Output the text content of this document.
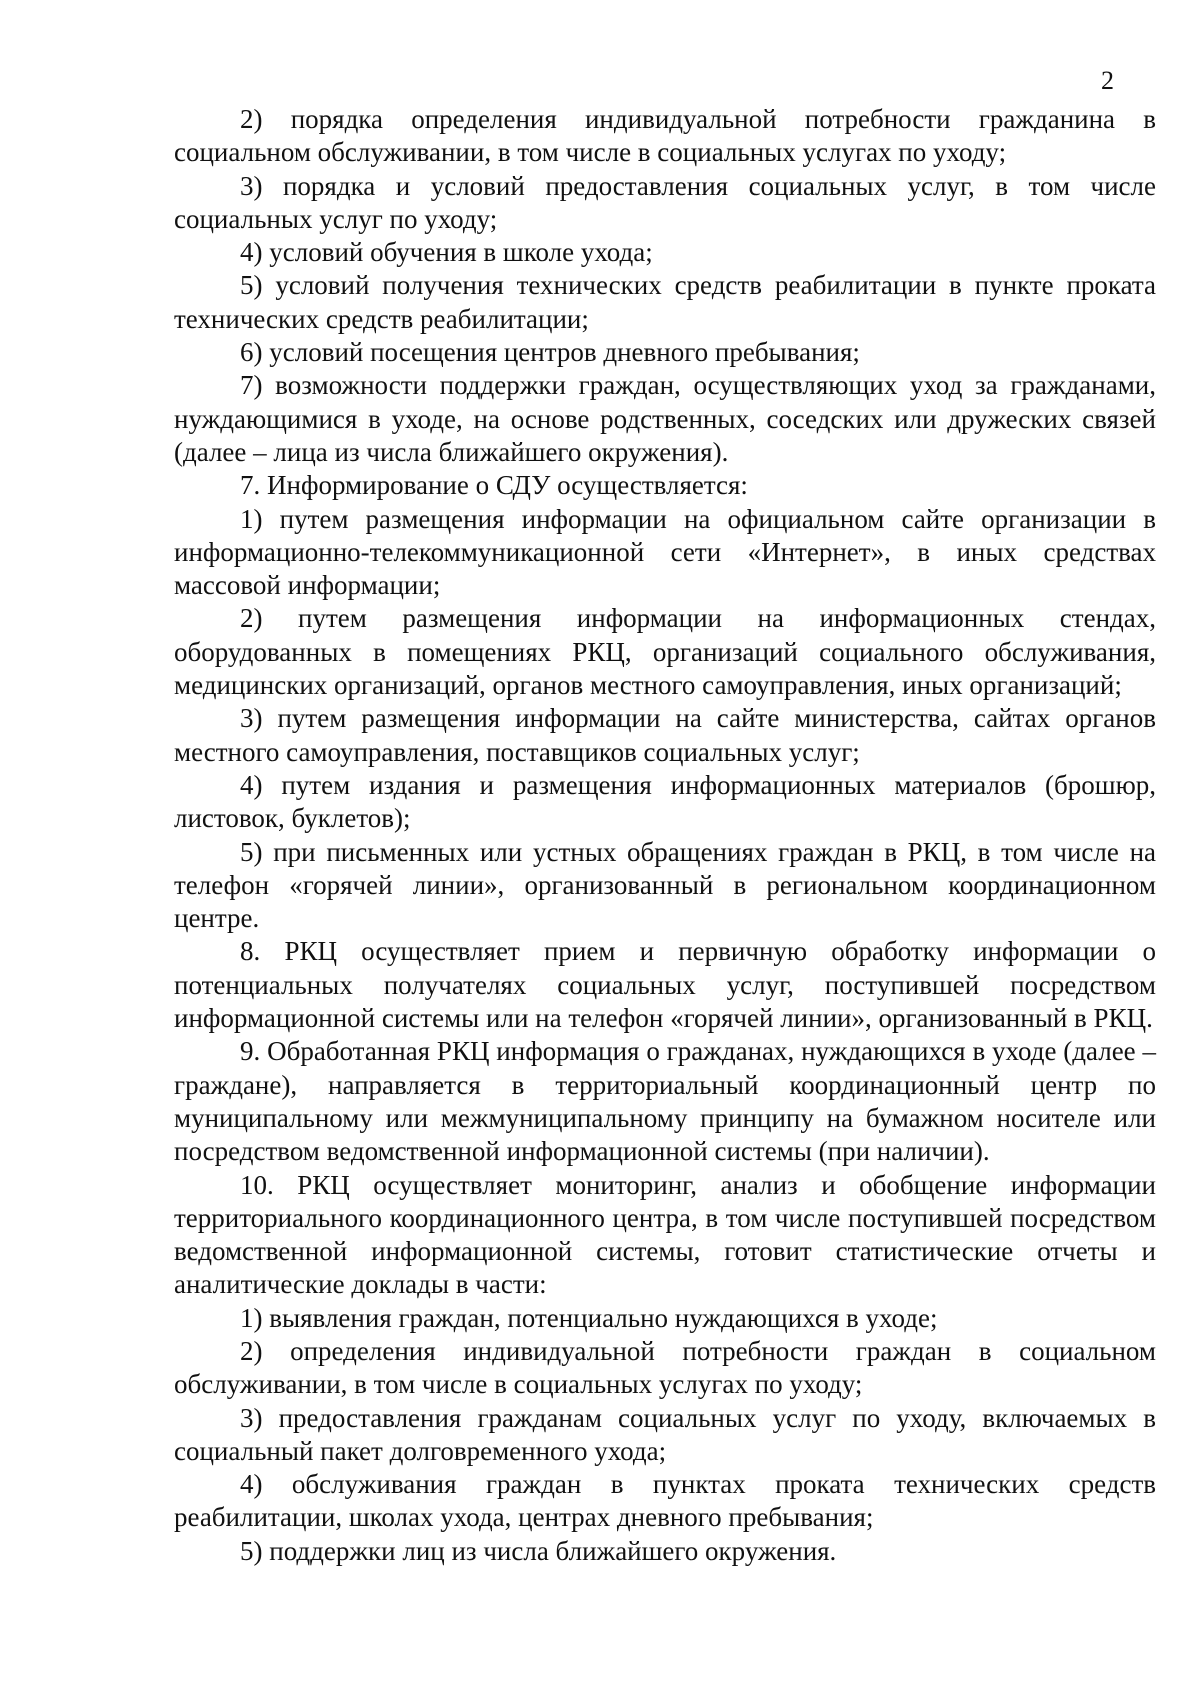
2

2) порядка определения индивидуальной потребности гражданина в социальном обслуживании, в том числе в социальных услугах по уходу;

3) порядка и условий предоставления социальных услуг, в том числе социальных услуг по уходу;

4) условий обучения в школе ухода;

5) условий получения технических средств реабилитации в пункте проката технических средств реабилитации;

6) условий посещения центров дневного пребывания;

7) возможности поддержки граждан, осуществляющих уход за гражданами, нуждающимися в уходе, на основе родственных, соседских или дружеских связей (далее – лица из числа ближайшего окружения).

7. Информирование о СДУ осуществляется:

1) путем размещения информации на официальном сайте организации в информационно-телекоммуникационной сети «Интернет», в иных средствах массовой информации;

2) путем размещения информации на информационных стендах, оборудованных в помещениях РКЦ, организаций социального обслуживания, медицинских организаций, органов местного самоуправления, иных организаций;

3) путем размещения информации на сайте министерства, сайтах органов местного самоуправления, поставщиков социальных услуг;

4) путем издания и размещения информационных материалов (брошюр, листовок, буклетов);

5) при письменных или устных обращениях граждан в РКЦ, в том числе на телефон «горячей линии», организованный в региональном координационном центре.

8. РКЦ осуществляет прием и первичную обработку информации о потенциальных получателях социальных услуг, поступившей посредством информационной системы или на телефон «горячей линии», организованный в РКЦ.

9. Обработанная РКЦ информация о гражданах, нуждающихся в уходе (далее – граждане), направляется в территориальный координационный центр по муниципальному или межмуниципальному принципу на бумажном носителе или посредством ведомственной информационной системы (при наличии).

10. РКЦ осуществляет мониторинг, анализ и обобщение информации территориального координационного центра, в том числе поступившей посредством ведомственной информационной системы, готовит статистические отчеты и аналитические доклады в части:

1) выявления граждан, потенциально нуждающихся в уходе;

2) определения индивидуальной потребности граждан в социальном обслуживании, в том числе в социальных услугах по уходу;

3) предоставления гражданам социальных услуг по уходу, включаемых в социальный пакет долговременного ухода;

4) обслуживания граждан в пунктах проката технических средств реабилитации, школах ухода, центрах дневного пребывания;

5) поддержки лиц из числа ближайшего окружения.
